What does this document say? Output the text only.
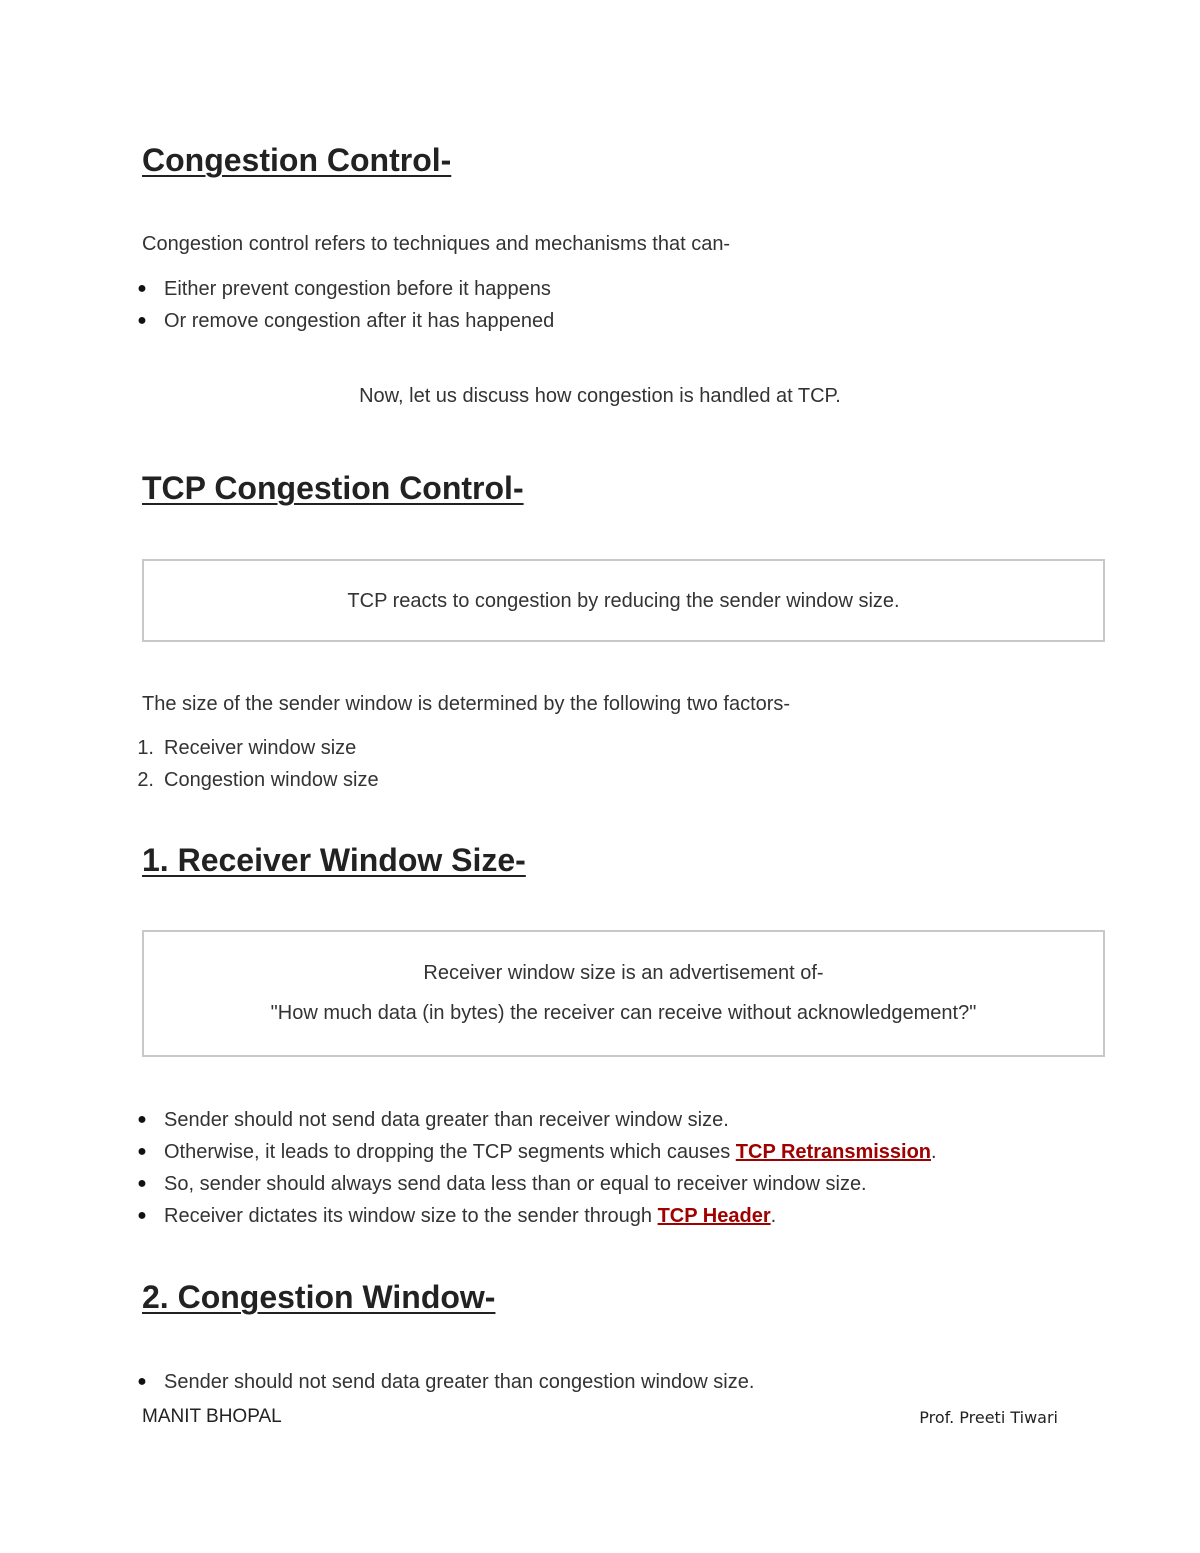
Congestion Control-

Congestion control refers to techniques and mechanisms that can-

● Either prevent congestion before it happens
● Or remove congestion after it has happened

Now, let us discuss how congestion is handled at TCP.

TCP Congestion Control-

TCP reacts to congestion by reducing the sender window size.

The size of the sender window is determined by the following two factors-

1. Receiver window size
2. Congestion window size
1. Receiver Window Size-

Receiver window size is an advertisement of-

"How much data (in bytes) the receiver can receive without acknowledgement?"

● Sender should not send data greater than receiver window size.
● Otherwise, it leads to dropping the TCP segments which causes TCP Retransmission.
● So, sender should always send data less than or equal to receiver window size.
● Receiver dictates its window size to the sender through TCP Header.
2. Congestion Window-
● Sender should not send data greater than congestion window size.
MANIT BHOPAL	Prof. Preeti Tiwari
